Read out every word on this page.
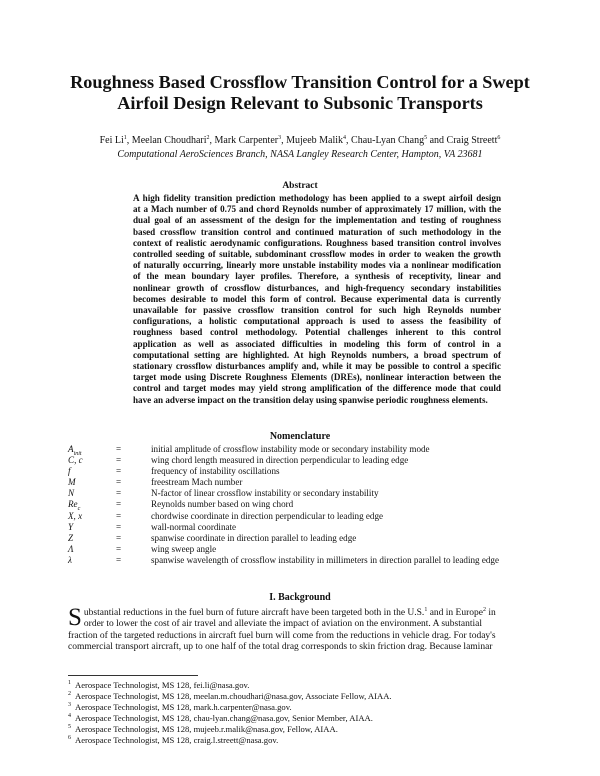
Roughness Based Crossflow Transition Control for a Swept
Airfoil Design Relevant to Subsonic Transports
Fei Li$^1$, Meelan Choudhari$^2$, Mark Carpenter$^3$, Mujeeb Malik$^4$, Chau-Lyan Chang$^5$ and Craig Streett$^6$
Computational AeroSciences Branch, NASA Langley Research Center, Hampton, VA 23681
Abstract
A high fidelity transition prediction methodology has been applied to a swept airfoil design
at a Mach number of 0.75 and chord Reynolds number of approximately 17 million, with the
dual goal of an assessment of the design for the implementation and testing of roughness
based crossflow transition control and continued maturation of such methodology in the
context of realistic aerodynamic configurations. Roughness based transition control involves
controlled seeding of suitable, subdominant crossflow modes in order to weaken the growth
of naturally occurring, linearly more unstable instability modes via a nonlinear modification
of the mean boundary layer profiles. Therefore, a synthesis of receptivity, linear and
nonlinear growth of crossflow disturbances, and high-frequency secondary instabilities
becomes desirable to model this form of control. Because experimental data is currently
unavailable for passive crossflow transition control for such high Reynolds number
configurations, a holistic computational approach is used to assess the feasibility of
roughness based control methodology. Potential challenges inherent to this control
application as well as associated difficulties in modeling this form of control in a
computational setting are highlighted. At high Reynolds numbers, a broad spectrum of
stationary crossflow disturbances amplify and, while it may be possible to control a specific
target mode using Discrete Roughness Elements (DREs), nonlinear interaction between the
control and target modes may yield strong amplification of the difference mode that could
have an adverse impact on the transition delay using spanwise periodic roughness elements.
Nomenclature
$A_{init}$	=	initial amplitude of crossflow instability mode or secondary instability mode
C, c	=	wing chord length measured in direction perpendicular to leading edge
f	=	frequency of instability oscillations
M	=	freestream Mach number
N	=	N-factor of linear crossflow instability or secondary instability
$Re_c$	=	Reynolds number based on wing chord
X, x	=	chordwise coordinate in direction perpendicular to leading edge
Y	=	wall-normal coordinate
Z	=	spanwise coordinate in direction parallel to leading edge
Λ	=	wing sweep angle
λ	=	spanwise wavelength of crossflow instability in millimeters in direction parallel to leading edge
I. Background
S ubstantial reductions in the fuel burn of future aircraft have been targeted both in the U.S.$^1$ and in Europe$^2$ in
order to lower the cost of air travel and alleviate the impact of aviation on the environment. A substantial
fraction of the targeted reductions in aircraft fuel burn will come from the reductions in vehicle drag. For today's
commercial transport aircraft, up to one half of the total drag corresponds to skin friction drag. Because laminar
$^1$ Aerospace Technologist, MS 128, fei.li@nasa.gov.
$^2$ Aerospace Technologist, MS 128, meelan.m.choudhari@nasa.gov, Associate Fellow, AIAA.
$^3$ Aerospace Technologist, MS 128, mark.h.carpenter@nasa.gov.
$^4$ Aerospace Technologist, MS 128, chau-lyan.chang@nasa.gov, Senior Member, AIAA.
$^5$ Aerospace Technologist, MS 128, mujeeb.r.malik@nasa.gov, Fellow, AIAA.
$^6$ Aerospace Technologist, MS 128, craig.l.streett@nasa.gov.
